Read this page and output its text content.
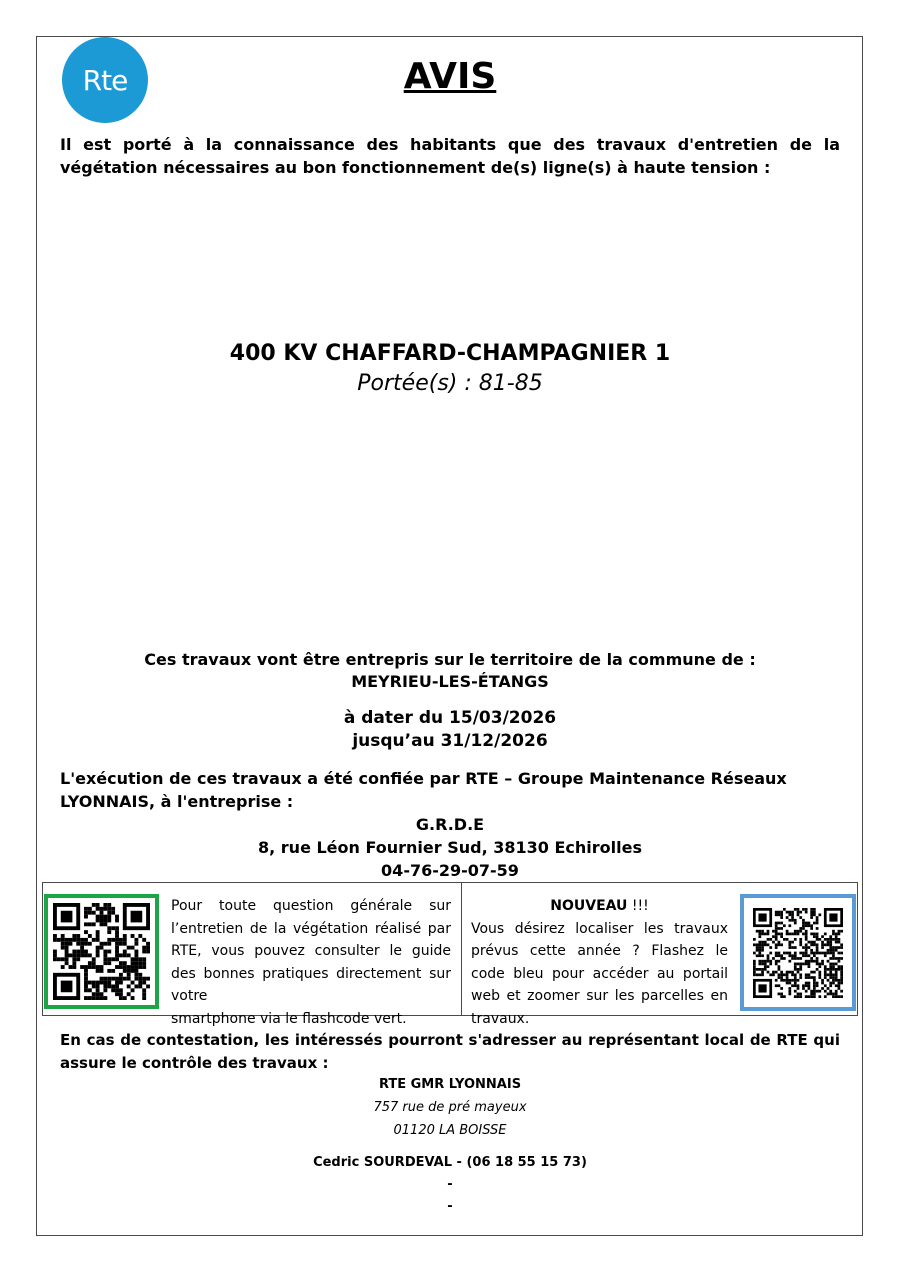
Rte	AVIS
Il est porté à la connaissance des habitants que des travaux d'entretien de la végétation nécessaires au bon fonctionnement de(s) ligne(s) à haute tension :
400 KV CHAFFARD-CHAMPAGNIER 1
Portée(s) : 81-85
Ces travaux vont être entrepris sur le territoire de la commune de :
MEYRIEU-LES-ÉTANGS
à dater du 15/03/2026
jusqu’au 31/12/2026
L'exécution de ces travaux a été confiée par RTE – Groupe Maintenance Réseaux LYONNAIS, à l'entreprise :
G.R.D.E
8, rue Léon Fournier Sud, 38130 Echirolles
04-76-29-07-59
Pour toute question générale sur l’entretien de la végétation réalisé par RTE, vous pouvez consulter le guide des bonnes pratiques directement sur votre
smartphone via le flashcode vert.
NOUVEAU !!!
Vous désirez localiser les travaux prévus cette année ? Flashez le code bleu pour accéder au portail web et zoomer sur les parcelles en travaux.
En cas de contestation, les intéressés pourront s'adresser au représentant local de RTE qui assure le contrôle des travaux :
RTE GMR LYONNAIS
757 rue de pré mayeux
01120 LA BOISSE
Cedric SOURDEVAL - (06 18 55 15 73)
-
-
